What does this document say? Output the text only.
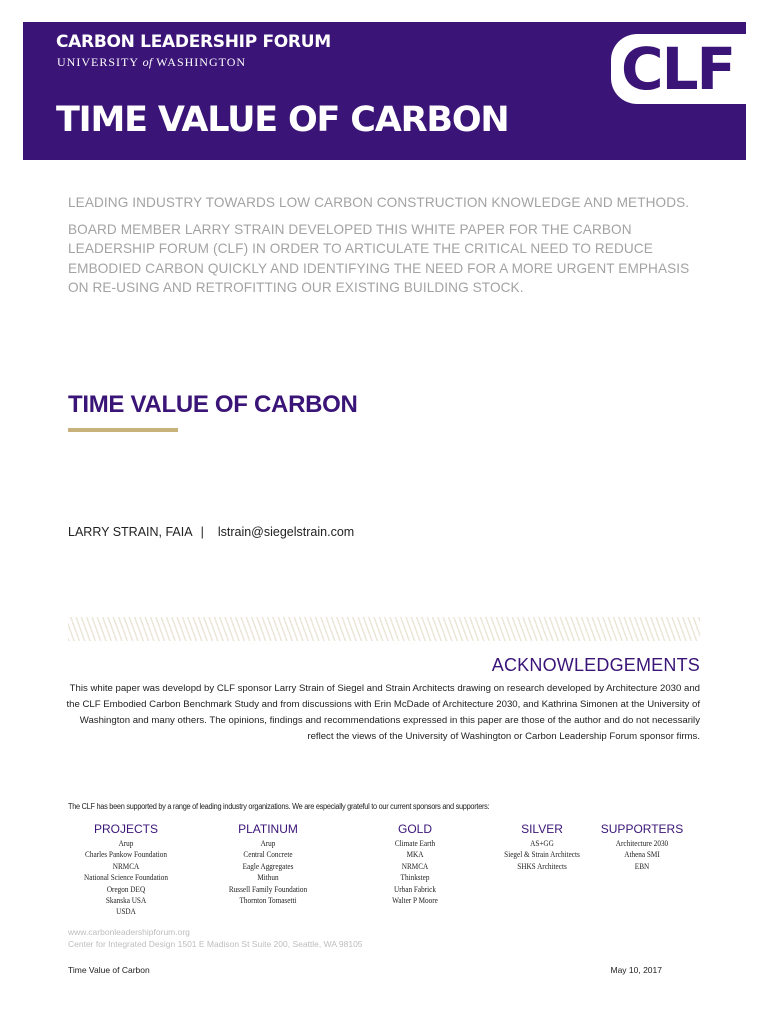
CARBON LEADERSHIP FORUM
UNIVERSITY of WASHINGTON
TIME VALUE OF CARBON
CLF

LEADING INDUSTRY TOWARDS LOW CARBON CONSTRUCTION KNOWLEDGE AND METHODS.

BOARD MEMBER LARRY STRAIN DEVELOPED THIS WHITE PAPER FOR THE CARBON LEADERSHIP FORUM (CLF) IN ORDER TO ARTICULATE THE CRITICAL NEED TO REDUCE EMBODIED CARBON QUICKLY AND IDENTIFYING THE NEED FOR A MORE URGENT EMPHASIS ON RE-USING AND RETROFITTING OUR EXISTING BUILDING STOCK.

TIME VALUE OF CARBON
LARRY STRAIN, FAIA | lstrain@siegelstrain.com
ACKNOWLEDGEMENTS
This white paper was developd by CLF sponsor Larry Strain of Siegel and Strain Architects drawing on research developed by Architecture 2030 and the CLF Embodied Carbon Benchmark Study and from discussions with Erin McDade of Architecture 2030, and Kathrina Simonen at the University of Washington and many others. The opinions, findings and recommendations expressed in this paper are those of the author and do not necessarily reflect the views of the University of Washington or Carbon Leadership Forum sponsor firms.
The CLF has been supported by a range of leading industry organizations. We are especially grateful to our current sponsors and supporters:
PROJECTS
Arup
Charles Pankow Foundation
NRMCA
National Science Foundation
Oregon DEQ
Skanska USA
USDA
PLATINUM
Arup
Central Concrete
Eagle Aggregates
Mithun
Russell Family Foundation
Thornton Tomasetti
GOLD
Climate Earth
MKA
NRMCA
Thinkstep
Urban Fabrick
Walter P Moore
SILVER
AS+GG
Siegel & Strain Architects
SHKS Architects
SUPPORTERS
Architecture 2030
Athena SMI
EBN
www.carbonleadershipforum.org
Center for Integrated Design 1501 E Madison St Suite 200, Seattle, WA 98105
Time Value of Carbon	May 10, 2017
